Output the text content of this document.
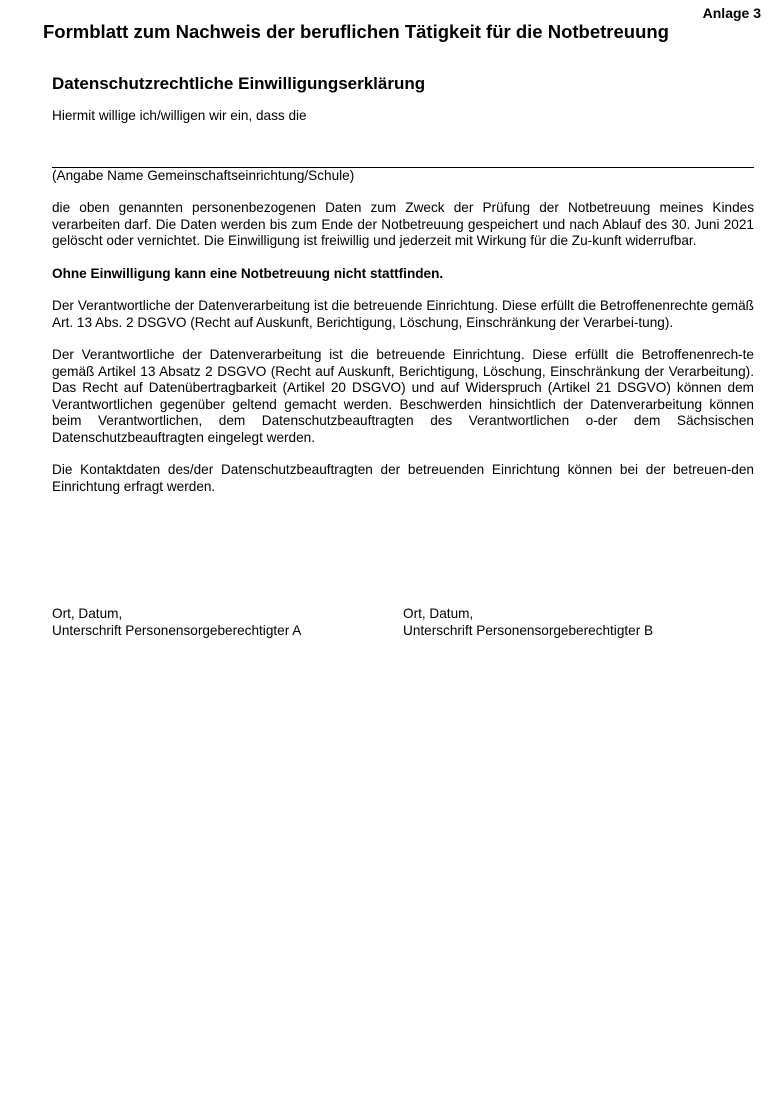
Anlage 3
Formblatt zum Nachweis der beruflichen Tätigkeit für die Notbetreuung
Datenschutzrechtliche Einwilligungserklärung

Hiermit willige ich/willigen wir ein, dass die

(Angabe Name Gemeinschaftseinrichtung/Schule)

die oben genannten personenbezogenen Daten zum Zweck der Prüfung der Notbetreuung meines Kindes verarbeiten darf. Die Daten werden bis zum Ende der Notbetreuung gespeichert und nach Ablauf des 30. Juni 2021 gelöscht oder vernichtet. Die Einwilligung ist freiwillig und jederzeit mit Wirkung für die Zu-kunft widerrufbar.

Ohne Einwilligung kann eine Notbetreuung nicht stattfinden.

Der Verantwortliche der Datenverarbeitung ist die betreuende Einrichtung. Diese erfüllt die Betroffenenrechte gemäß Art. 13 Abs. 2 DSGVO (Recht auf Auskunft, Berichtigung, Löschung, Einschränkung der Verarbei-tung).

Der Verantwortliche der Datenverarbeitung ist die betreuende Einrichtung. Diese erfüllt die Betroffenenrech-te gemäß Artikel 13 Absatz 2 DSGVO (Recht auf Auskunft, Berichtigung, Löschung, Einschränkung der Verarbeitung). Das Recht auf Datenübertragbarkeit (Artikel 20 DSGVO) und auf Widerspruch (Artikel 21 DSGVO) können dem Verantwortlichen gegenüber geltend gemacht werden. Beschwerden hinsichtlich der Datenverarbeitung können beim Verantwortlichen, dem Datenschutzbeauftragten des Verantwortlichen o-der dem Sächsischen Datenschutzbeauftragten eingelegt werden.

Die Kontaktdaten des/der Datenschutzbeauftragten der betreuenden Einrichtung können bei der betreuen-den Einrichtung erfragt werden.

Ort, Datum,
Unterschrift Personensorgeberechtigter A
Ort, Datum,
Unterschrift Personensorgeberechtigter B
